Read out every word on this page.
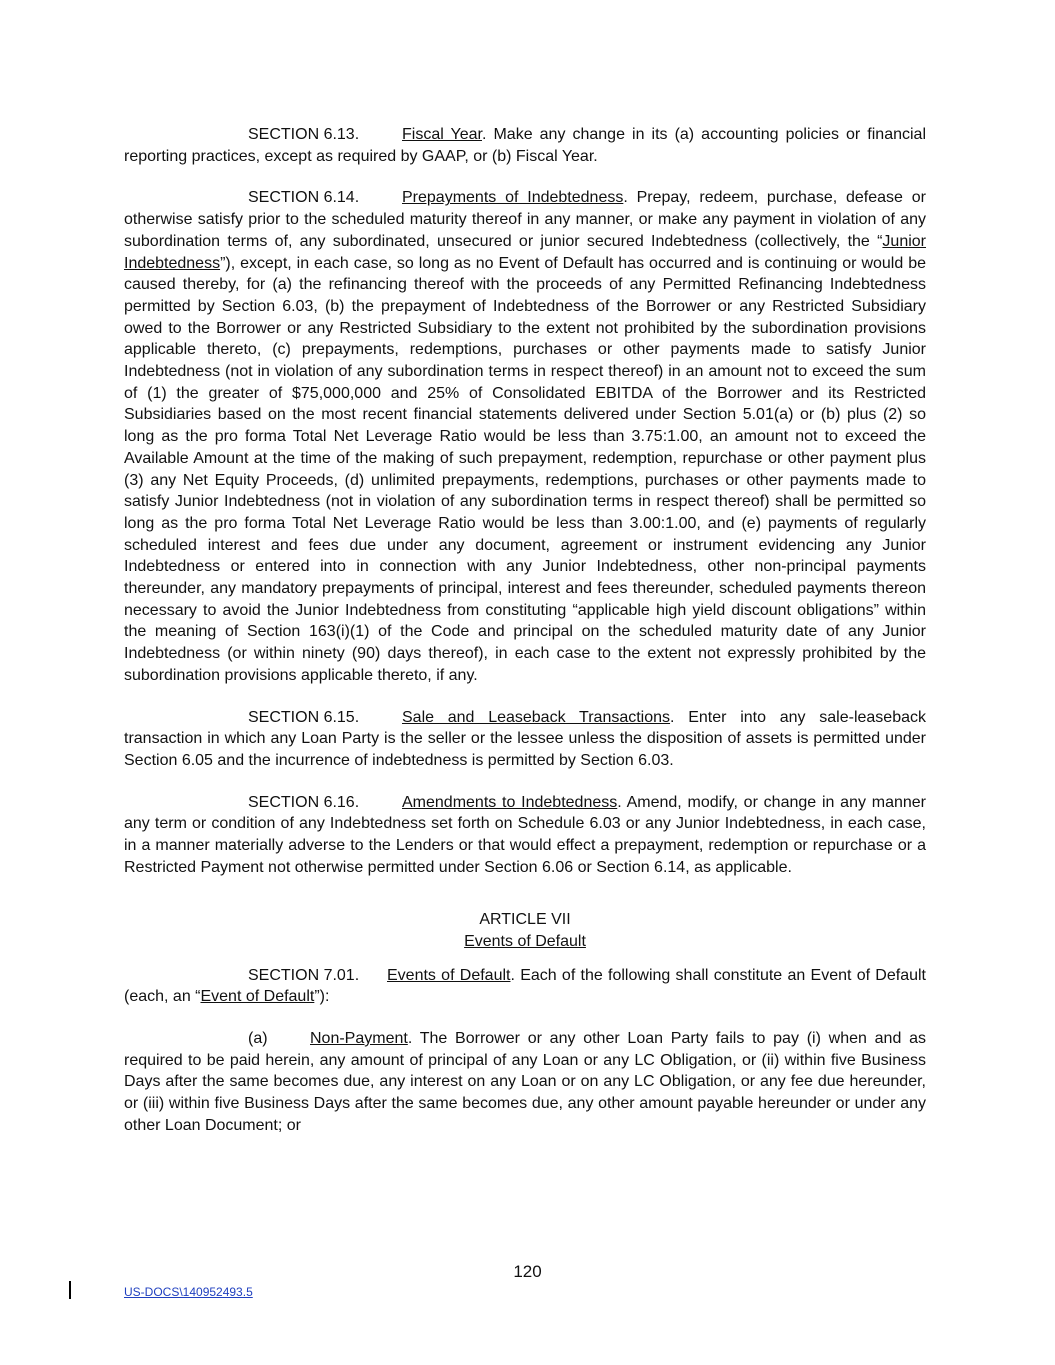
SECTION 6.13.	Fiscal Year. Make any change in its (a) accounting policies or financial reporting practices, except as required by GAAP, or (b) Fiscal Year.

SECTION 6.14.	Prepayments of Indebtedness. Prepay, redeem, purchase, defease or otherwise satisfy prior to the scheduled maturity thereof in any manner, or make any payment in violation of any subordination terms of, any subordinated, unsecured or junior secured Indebtedness (collectively, the “Junior Indebtedness”), except, in each case, so long as no Event of Default has occurred and is continuing or would be caused thereby, for (a) the refinancing thereof with the proceeds of any Permitted Refinancing Indebtedness permitted by Section 6.03, (b) the prepayment of Indebtedness of the Borrower or any Restricted Subsidiary owed to the Borrower or any Restricted Subsidiary to the extent not prohibited by the subordination provisions applicable thereto, (c) prepayments, redemptions, purchases or other payments made to satisfy Junior Indebtedness (not in violation of any subordination terms in respect thereof) in an amount not to exceed the sum of (1) the greater of $75,000,000 and 25% of Consolidated EBITDA of the Borrower and its Restricted Subsidiaries based on the most recent financial statements delivered under Section 5.01(a) or (b) plus (2) so long as the pro forma Total Net Leverage Ratio would be less than 3.75:1.00, an amount not to exceed the Available Amount at the time of the making of such prepayment, redemption, repurchase or other payment plus (3) any Net Equity Proceeds, (d) unlimited prepayments, redemptions, purchases or other payments made to satisfy Junior Indebtedness (not in violation of any subordination terms in respect thereof) shall be permitted so long as the pro forma Total Net Leverage Ratio would be less than 3.00:1.00, and (e) payments of regularly scheduled interest and fees due under any document, agreement or instrument evidencing any Junior Indebtedness or entered into in connection with any Junior Indebtedness, other non-principal payments thereunder, any mandatory prepayments of principal, interest and fees thereunder, scheduled payments thereon necessary to avoid the Junior Indebtedness from constituting “applicable high yield discount obligations” within the meaning of Section 163(i)(1) of the Code and principal on the scheduled maturity date of any Junior Indebtedness (or within ninety (90) days thereof), in each case to the extent not expressly prohibited by the subordination provisions applicable thereto, if any.

SECTION 6.15.	Sale and Leaseback Transactions. Enter into any sale-leaseback transaction in which any Loan Party is the seller or the lessee unless the disposition of assets is permitted under Section 6.05 and the incurrence of indebtedness is permitted by Section 6.03.

SECTION 6.16.	Amendments to Indebtedness. Amend, modify, or change in any manner any term or condition of any Indebtedness set forth on Schedule 6.03 or any Junior Indebtedness, in each case, in a manner materially adverse to the Lenders or that would effect a prepayment, redemption or repurchase or a Restricted Payment not otherwise permitted under Section 6.06 or Section 6.14, as applicable.

ARTICLE VII
Events of Default

SECTION 7.01. Events of Default. Each of the following shall constitute an Event of Default (each, an “Event of Default”):

(a)	Non-Payment. The Borrower or any other Loan Party fails to pay (i) when and as required to be paid herein, any amount of principal of any Loan or any LC Obligation, or (ii) within five Business Days after the same becomes due, any interest on any Loan or on any LC Obligation, or any fee due hereunder, or (iii) within five Business Days after the same becomes due, any other amount payable hereunder or under any other Loan Document; or

120
US-DOCS\140952493.5
